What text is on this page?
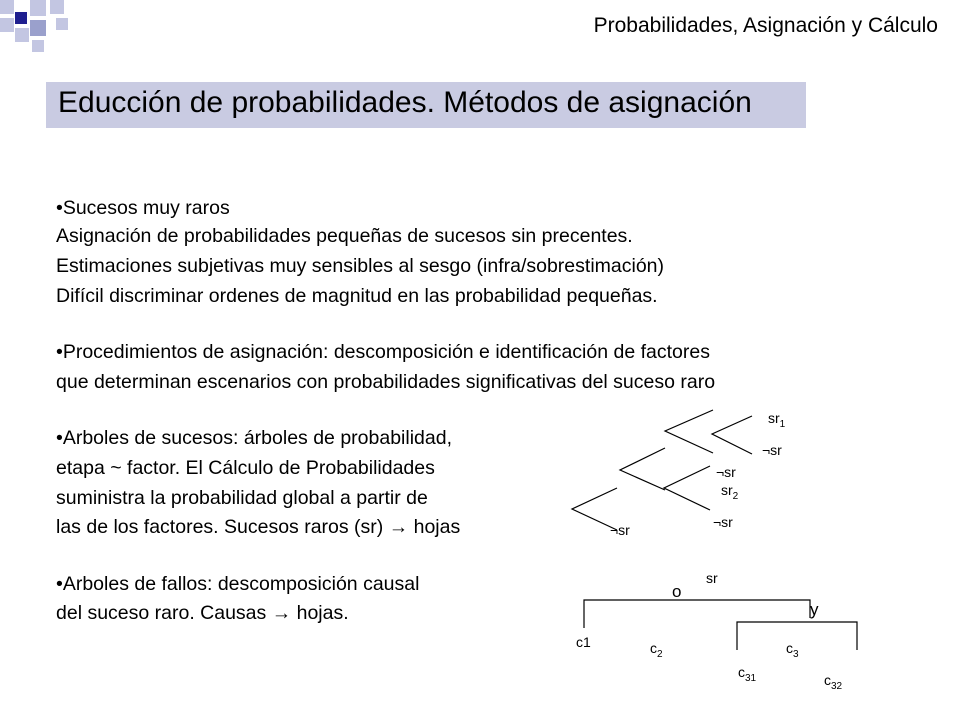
Probabilidades, Asignación y Cálculo
Educción de probabilidades. Métodos de asignación
•Sucesos muy raros
Asignación de probabilidades pequeñas de sucesos sin precentes.
Estimaciones subjetivas muy sensibles al sesgo (infra/sobrestimación)
Difícil discriminar ordenes de magnitud en las probabilidad pequeñas.
•Procedimientos de asignación: descomposición e identificación de factores
que determinan escenarios con probabilidades significativas del suceso raro
•Arboles de sucesos: árboles de probabilidad,
etapa ~ factor. El Cálculo de Probabilidades
suministra la probabilidad global a partir de
las de los factores. Sucesos raros (sr) → hojas
•Arboles de fallos: descomposición causal
del suceso raro. Causas → hojas.
$sr_1$
¬sr
¬sr
$sr_2$
¬sr
¬sr
sr
o
y
c1	$c_2$	$c_3$
$c_{31}$	$c_{32}$
